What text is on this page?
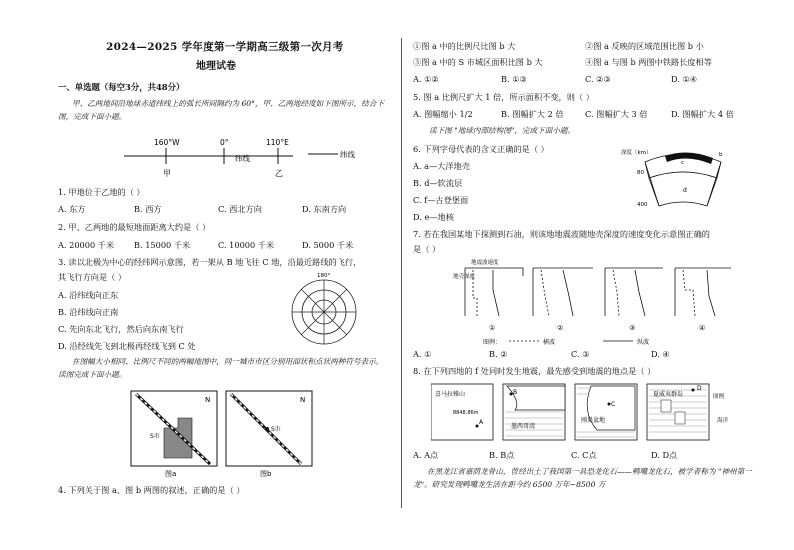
2024—2025 学年度第一学期高三级第一次月考
地理试卷
一、单选题（每空3分，共48分）
甲、乙两地间沿地球赤道纬线上的弧长所间隔约为 60°，甲、乙两地经度如下图所示，结合下图，完成下面小题。
160°W	0°	110°E
纬线	纬线
甲	乙
1. 甲地位于乙地的（ ）
A. 东方	B. 西方	C. 西北方向	D. 东南方向
2. 甲、乙两地的最短地面距离大约是（ ）
A. 20000 千米 B. 15000 千米	C. 10000 千米	D. 5000 千米
3. 读以北极为中心的经纬网示意图，若一架从 B 地飞往 C 地，沿最近路线的飞行，
其飞行方向是（ ）
A. 沿纬线向正东
B. 沿纬线向正南
C. 先向东北飞行，然后向东南飞行
D. 沿经线先飞到北极再经线飞到 C 处
180°
在图幅大小相同、比例尺不同的两幅地图中，同一城市市区分别用面状和点状两种符号表示。读图完成下面小题。
N
S市
图a
N
S市
图b
4. 下列关于图 a、图 b 两图的叙述，正确的是（ ）
①图 a 中的比例尺比图 b 大	②图 a 反映的区域范围比图 b 小
③图 a 中的 S 市城区面积比图 b 大	④图 a 与图 b 两图中铁路长度相等
A. ①②	B. ①③	C. ②③	D. ①④
5. 图 a 比例尺扩大 1 倍，所示面积不变，则（ ）
A. 图幅缩小 1/2	B. 图幅扩大 2 倍	C. 图幅扩大 3 倍	D. 图幅扩大 4 倍
读下图 "地球内部结构图"，完成下面小题。
6. 下列字母代表的含义正确的是（ ）
A. a—大洋地壳
B. d—软流层
C. f—古登堡面
D. e—地核
深度（km）
80
400
c
d
b
7. 若在我国某地下探测到石油，则该地地震波随地壳深度的速度变化示意图正确的
是（ ）
地震波速度
地壳深度
①	②	③	④
图例：	横波	纵波
A. ①	B. ②	C. ③	D. ④
8. 在下列四地的 f 处同时发生地震，最先感受到地震的地点是（ ）
喜马拉雅山
8848.86m
A
B
墨西哥湾
C
刚果盆地
D
夏威夷群岛	图例
海洋
A. A点	B. B点	C. C点	D. D点
在黑龙江省嘉荫龙骨山，曾经出土了我国第一具恐龙化石——鸭嘴龙化石，被学者称为 "神州第一龙"。研究发现鸭嘴龙生活在距今约 6500 万年~8500 万
